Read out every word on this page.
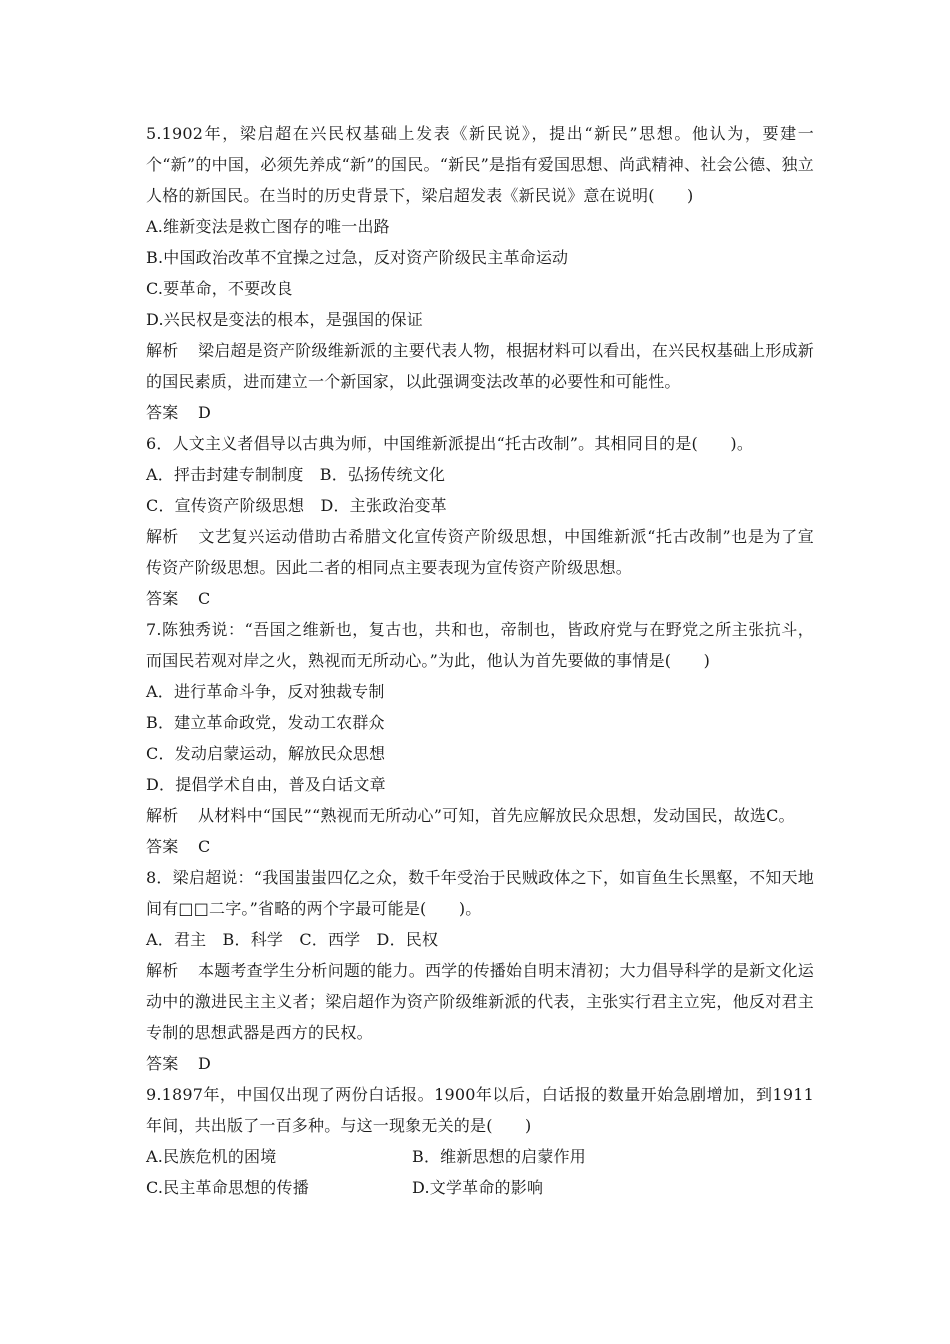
5.1902年，梁启超在兴民权基础上发表《新民说》，提出“新民”思想。他认为，要建一个“新”的中国，必须先养成“新”的国民。“新民”是指有爱国思想、尚武精神、社会公德、独立人格的新国民。在当时的历史背景下，梁启超发表《新民说》意在说明(　　)
A.维新变法是救亡图存的唯一出路
B.中国政治改革不宜操之过急，反对资产阶级民主革命运动
C.要革命，不要改良
D.兴民权是变法的根本，是强国的保证
解析 梁启超是资产阶级维新派的主要代表人物，根据材料可以看出，在兴民权基础上形成新的国民素质，进而建立一个新国家，以此强调变法改革的必要性和可能性。
答案 D
6．人文主义者倡导以古典为师，中国维新派提出“托古改制”。其相同目的是(　　)。
A．抨击封建专制制度　B．弘扬传统文化
C．宣传资产阶级思想　D．主张政治变革
解析 文艺复兴运动借助古希腊文化宣传资产阶级思想，中国维新派“托古改制”也是为了宣传资产阶级思想。因此二者的相同点主要表现为宣传资产阶级思想。
答案 C
7.陈独秀说：“吾国之维新也，复古也，共和也，帝制也，皆政府党与在野党之所主张抗斗，而国民若观对岸之火，熟视而无所动心。”为此，他认为首先要做的事情是(　　)
A．进行革命斗争，反对独裁专制
B．建立革命政党，发动工农群众
C．发动启蒙运动，解放民众思想
D．提倡学术自由，普及白话文章
解析 从材料中“国民”“熟视而无所动心”可知，首先应解放民众思想，发动国民，故选C。
答案 C
8．梁启超说：“我国蚩蚩四亿之众，数千年受治于民贼政体之下，如盲鱼生长黑壑，不知天地间有□□二字。”省略的两个字最可能是(　　)。
A．君主　B．科学　C．西学　D．民权
解析 本题考查学生分析问题的能力。西学的传播始自明末清初；大力倡导科学的是新文化运动中的激进民主主义者；梁启超作为资产阶级维新派的代表，主张实行君主立宪，他反对君主专制的思想武器是西方的民权。
答案 D
9.1897年，中国仅出现了两份白话报。1900年以后，白话报的数量开始急剧增加，到1911年间，共出版了一百多种。与这一现象无关的是(　　)
A.民族危机的困境	B．维新思想的启蒙作用
C.民主革命思想的传播	D.文学革命的影响
